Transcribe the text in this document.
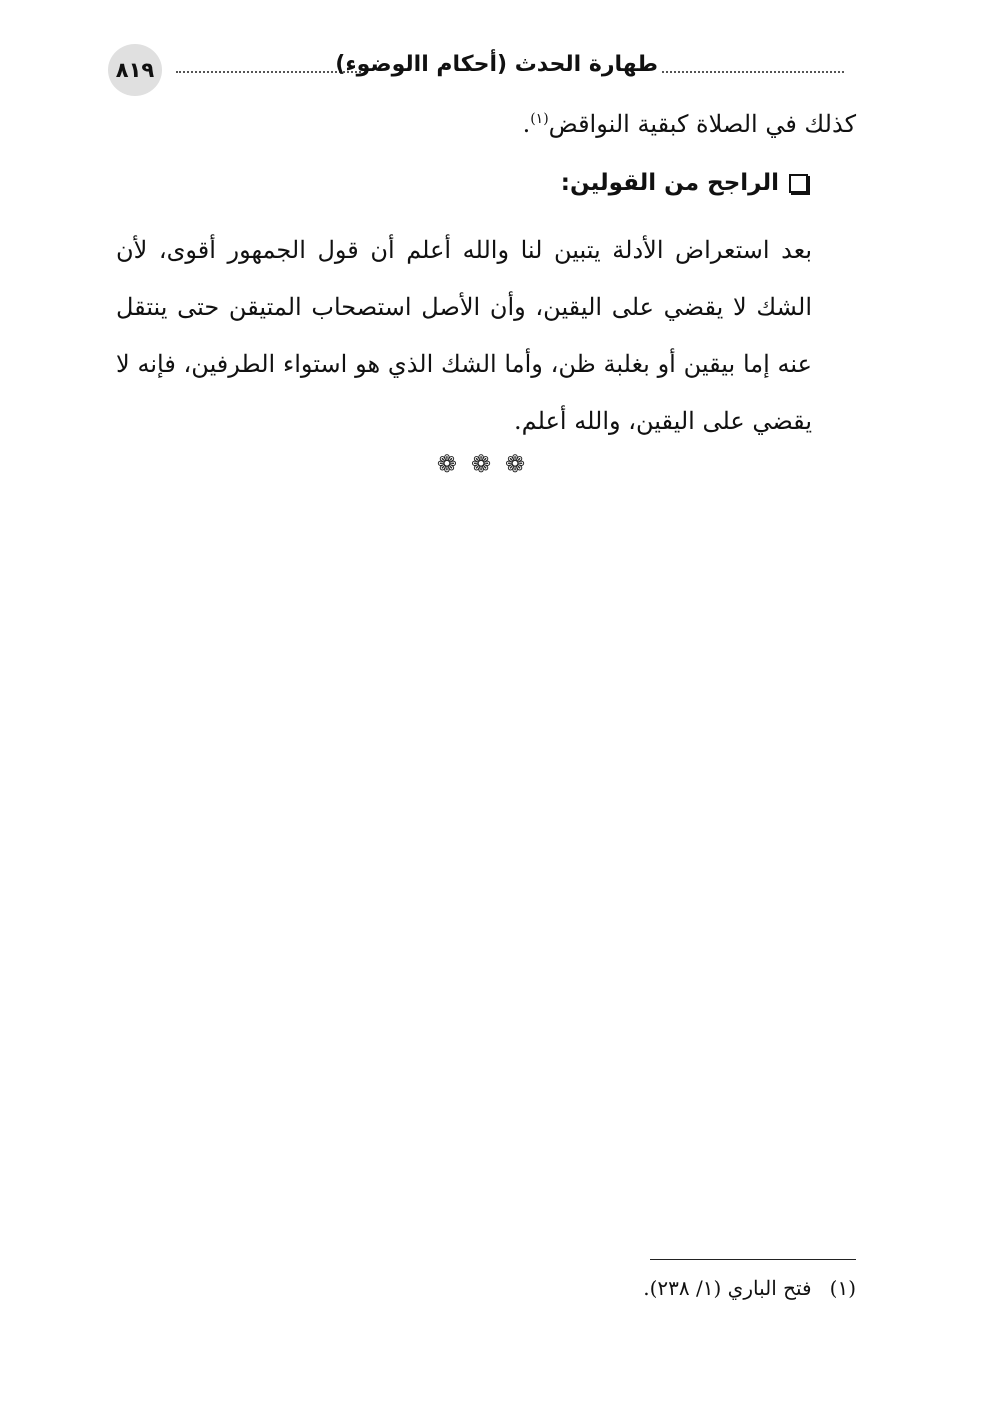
٨١٩	طهارة الحدث (أحكام االوضوء)
كذلك في الصلاة كبقية النواقض$^{(١)}$.
الراجح من القولين:

بعد استعراض الأدلة يتبين لنا والله أعلم أن قول الجمهور أقوى، لأن الشك لا يقضي على اليقين، وأن الأصل استصحاب المتيقن حتى ينتقل عنه إما بيقين أو بغلبة ظن، وأما الشك الذي هو استواء الطرفين، فإنه لا يقضي على اليقين، والله أعلم.

❁❁❁
(١)فتح الباري (١/ ٢٣٨).
